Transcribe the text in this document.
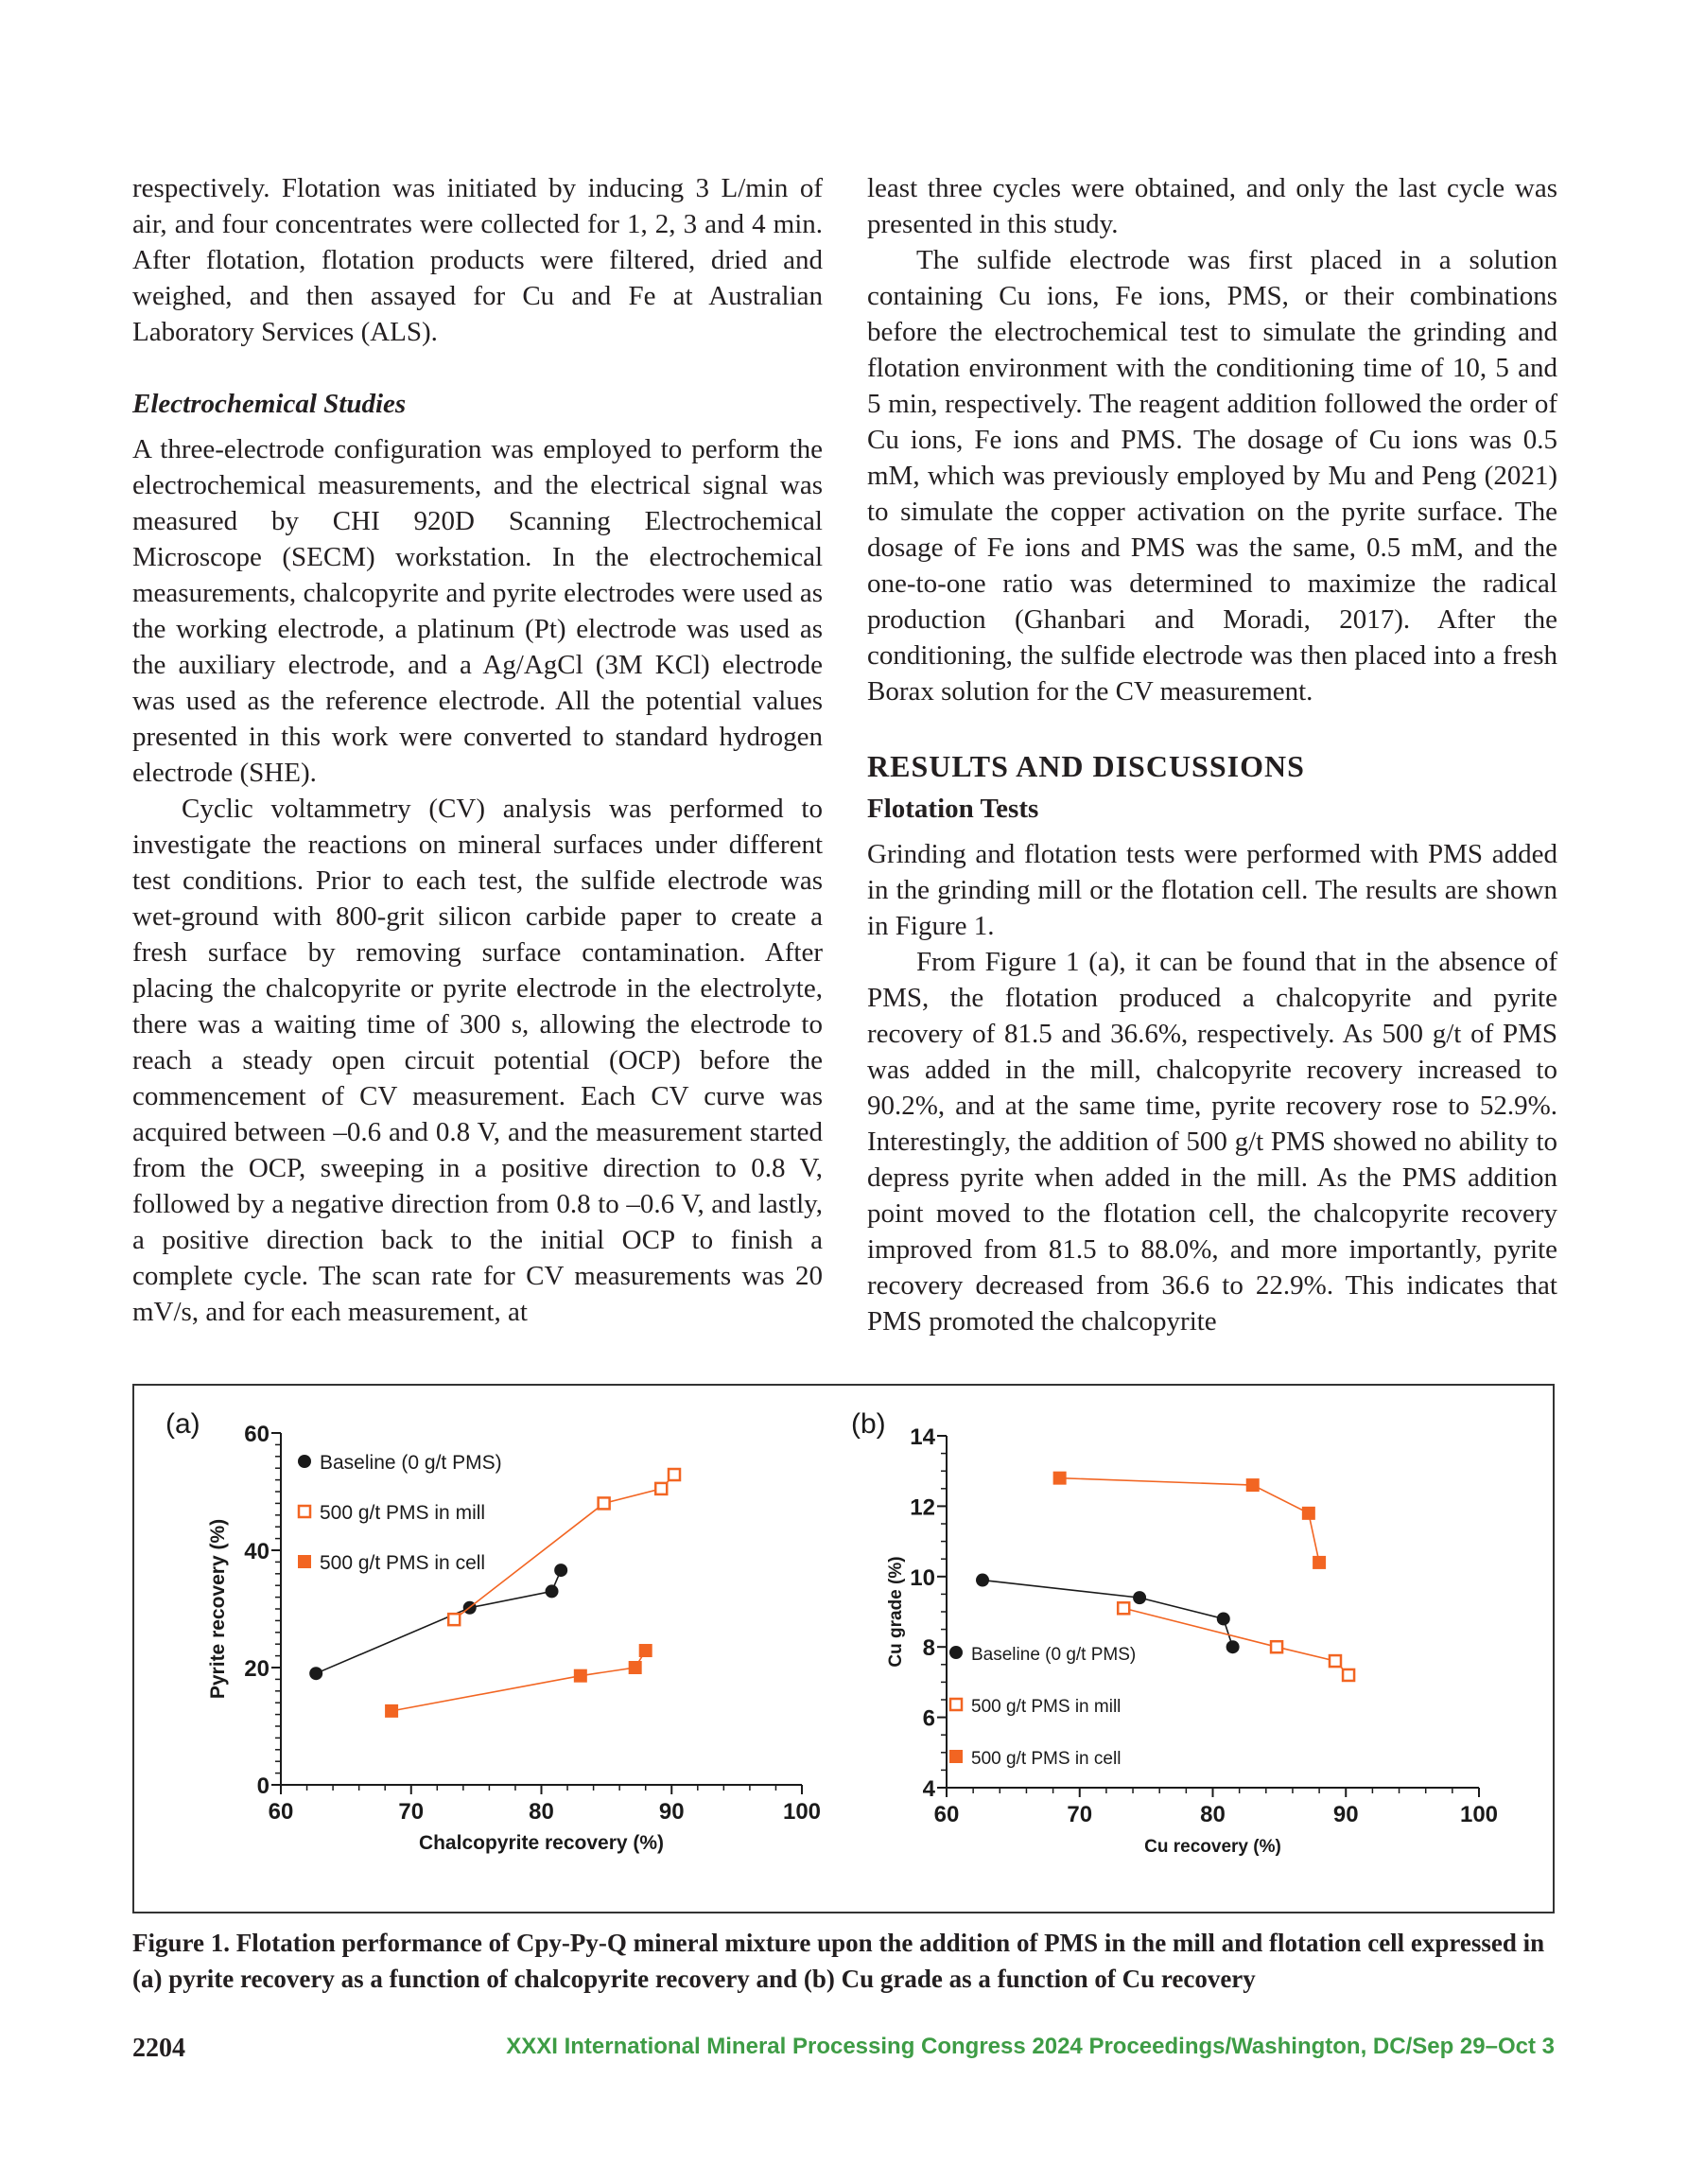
respectively. Flotation was initiated by inducing 3 L/min of air, and four concentrates were collected for 1, 2, 3 and 4 min. After flotation, flotation products were filtered, dried and weighed, and then assayed for Cu and Fe at Australian Laboratory Services (ALS).

Electrochemical Studies

A three-electrode configuration was employed to perform the electrochemical measurements, and the electrical signal was measured by CHI 920D Scanning Electrochemical Microscope (SECM) workstation. In the electrochemical measurements, chalcopyrite and pyrite electrodes were used as the working electrode, a platinum (Pt) electrode was used as the auxiliary electrode, and a Ag/AgCl (3M KCl) electrode was used as the reference electrode. All the potential values presented in this work were converted to standard hydrogen electrode (SHE).

Cyclic voltammetry (CV) analysis was performed to investigate the reactions on mineral surfaces under different test conditions. Prior to each test, the sulfide electrode was wet-ground with 800-grit silicon carbide paper to create a fresh surface by removing surface contamination. After placing the chalcopyrite or pyrite electrode in the electrolyte, there was a waiting time of 300 s, allowing the electrode to reach a steady open circuit potential (OCP) before the commencement of CV measurement. Each CV curve was acquired between –0.6 and 0.8 V, and the measurement started from the OCP, sweeping in a positive direction to 0.8 V, followed by a negative direction from 0.8 to –0.6 V, and lastly, a positive direction back to the initial OCP to finish a complete cycle. The scan rate for CV measurements was 20 mV/s, and for each measurement, at

least three cycles were obtained, and only the last cycle was presented in this study.

The sulfide electrode was first placed in a solution containing Cu ions, Fe ions, PMS, or their combinations before the electrochemical test to simulate the grinding and flotation environment with the conditioning time of 10, 5 and 5 min, respectively. The reagent addition followed the order of Cu ions, Fe ions and PMS. The dosage of Cu ions was 0.5 mM, which was previously employed by Mu and Peng (2021) to simulate the copper activation on the pyrite surface. The dosage of Fe ions and PMS was the same, 0.5 mM, and the one-to-one ratio was determined to maximize the radical production (Ghanbari and Moradi, 2017). After the conditioning, the sulfide electrode was then placed into a fresh Borax solution for the CV measurement.

RESULTS AND DISCUSSIONS
Flotation Tests

Grinding and flotation tests were performed with PMS added in the grinding mill or the flotation cell. The results are shown in Figure 1.

From Figure 1 (a), it can be found that in the absence of PMS, the flotation produced a chalcopyrite and pyrite recovery of 81.5 and 36.6%, respectively. As 500 g/t of PMS was added in the mill, chalcopyrite recovery increased to 90.2%, and at the same time, pyrite recovery rose to 52.9%. Interestingly, the addition of 500 g/t PMS showed no ability to depress pyrite when added in the mill. As the PMS addition point moved to the flotation cell, the chalcopyrite recovery improved from 81.5 to 88.0%, and more importantly, pyrite recovery decreased from 36.6 to 22.9%. This indicates that PMS promoted the chalcopyrite

60	70	80	90	100
0
20
40
60
Chalcopyrite recovery (%)
Pyrite recovery (%)
(a)
Baseline (0 g/t PMS)
500 g/t PMS in mill
500 g/t PMS in cell
60	70	80	90	100
4
6
8
10
12
14
Cu recovery (%)
Cu grade (%)
(b)
Baseline (0 g/t PMS)
500 g/t PMS in mill
500 g/t PMS in cell
Figure 1. Flotation performance of Cpy-Py-Q mineral mixture upon the addition of PMS in the mill and flotation cell expressed in (a) pyrite recovery as a function of chalcopyrite recovery and (b) Cu grade as a function of Cu recovery
2204	XXXI International Mineral Processing Congress 2024 Proceedings/Washington, DC/Sep 29–Oct 3
